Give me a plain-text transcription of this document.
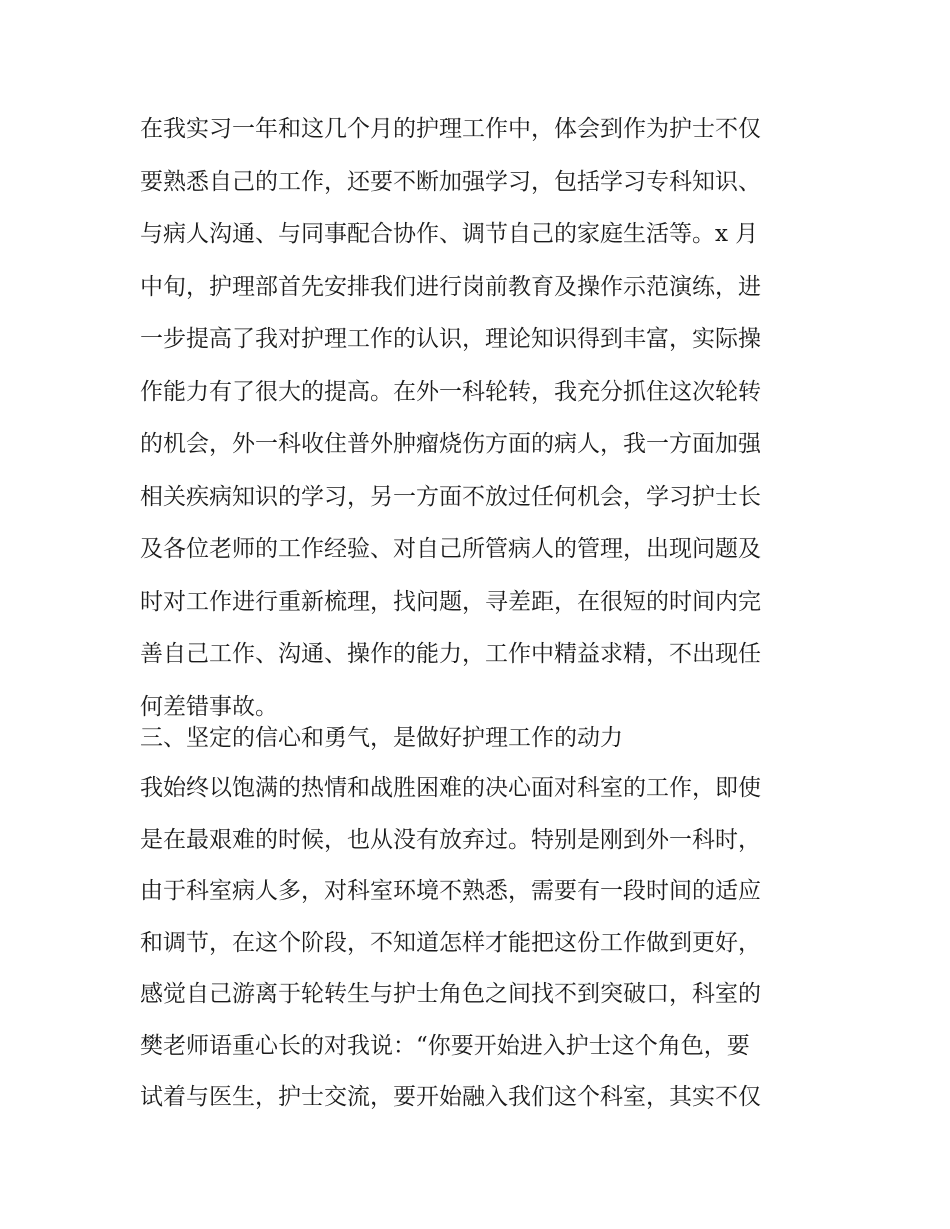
在我实习一年和这几个月的护理工作中，体会到作为护士不仅
要熟悉自己的工作，还要不断加强学习，包括学习专科知识、
与病人沟通、与同事配合协作、调节自己的家庭生活等。x 月
中旬，护理部首先安排我们进行岗前教育及操作示范演练，进
一步提高了我对护理工作的认识，理论知识得到丰富，实际操
作能力有了很大的提高。在外一科轮转，我充分抓住这次轮转
的机会，外一科收住普外肿瘤烧伤方面的病人，我一方面加强
相关疾病知识的学习，另一方面不放过任何机会，学习护士长
及各位老师的工作经验、对自己所管病人的管理，出现问题及
时对工作进行重新梳理，找问题，寻差距，在很短的时间内完
善自己工作、沟通、操作的能力，工作中精益求精，不出现任
何差错事故。
三、坚定的信心和勇气，是做好护理工作的动力
我始终以饱满的热情和战胜困难的决心面对科室的工作，即使
是在最艰难的时候，也从没有放弃过。特别是刚到外一科时，
由于科室病人多，对科室环境不熟悉，需要有一段时间的适应
和调节，在这个阶段，不知道怎样才能把这份工作做到更好，
感觉自己游离于轮转生与护士角色之间找不到突破口，科室的
樊老师语重心长的对我说：“你要开始进入护士这个角色，要
试着与医生，护士交流，要开始融入我们这个科室，其实不仅
